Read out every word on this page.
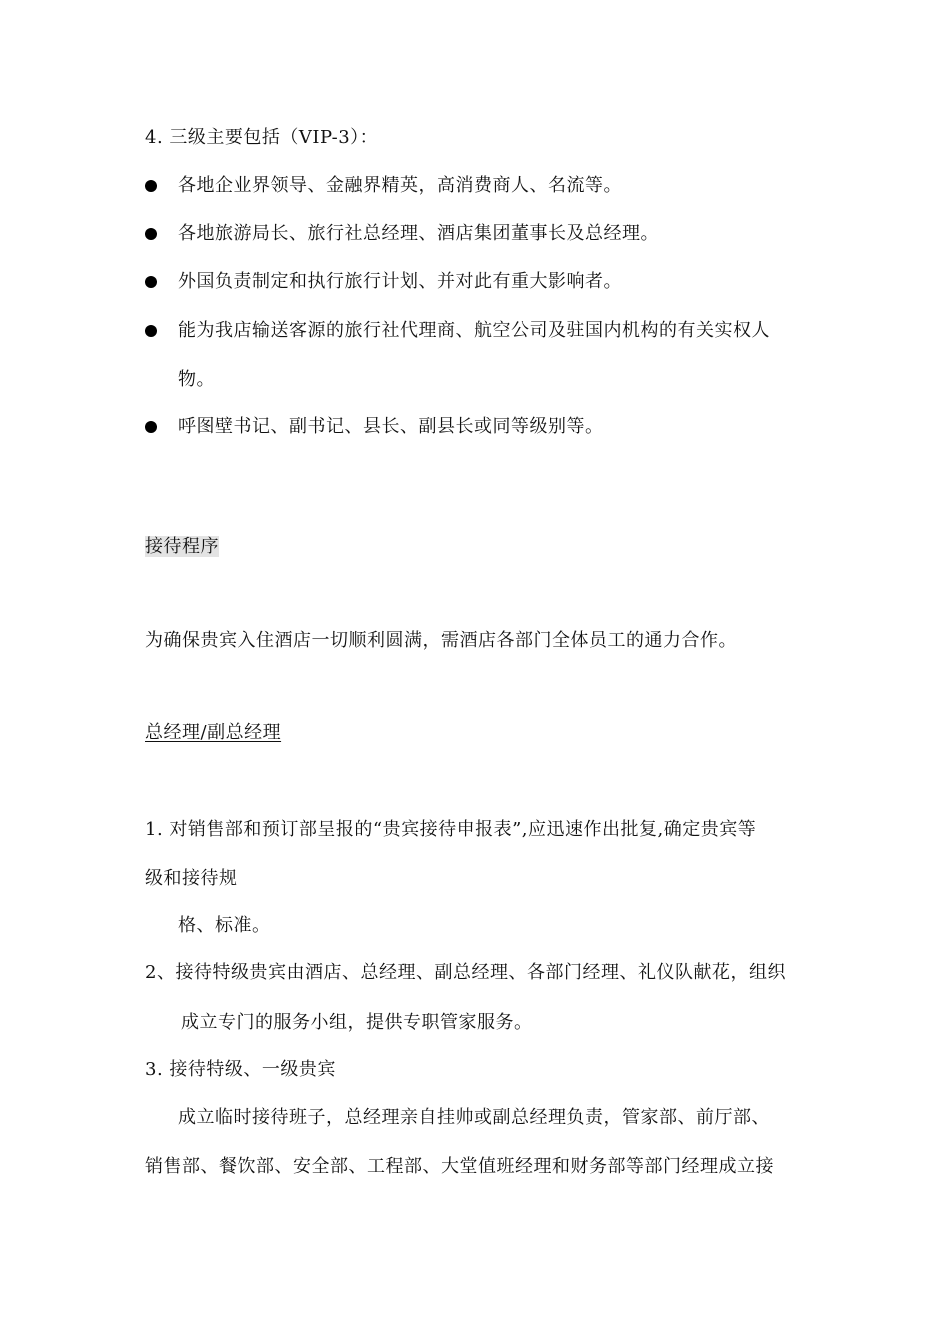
4. 三级主要包括（VIP-3）：
各地企业界领导、金融界精英，高消费商人、名流等。
各地旅游局长、旅行社总经理、酒店集团董事长及总经理。
外国负责制定和执行旅行计划、并对此有重大影响者。
能为我店输送客源的旅行社代理商、航空公司及驻国内机构的有关实权人
物。
呼图壁书记、副书记、县长、副县长或同等级别等。
接待程序
为确保贵宾入住酒店一切顺利圆满，需酒店各部门全体员工的通力合作。
总经理/副总经理
1. 对销售部和预订部呈报的“贵宾接待申报表”,应迅速作出批复,确定贵宾等
级和接待规
格、标准。
2、接待特级贵宾由酒店、总经理、副总经理、各部门经理、礼仪队献花，组织
成立专门的服务小组，提供专职管家服务。
3. 接待特级、一级贵宾
成立临时接待班子，总经理亲自挂帅或副总经理负责，管家部、前厅部、
销售部、餐饮部、安全部、工程部、大堂值班经理和财务部等部门经理成立接
